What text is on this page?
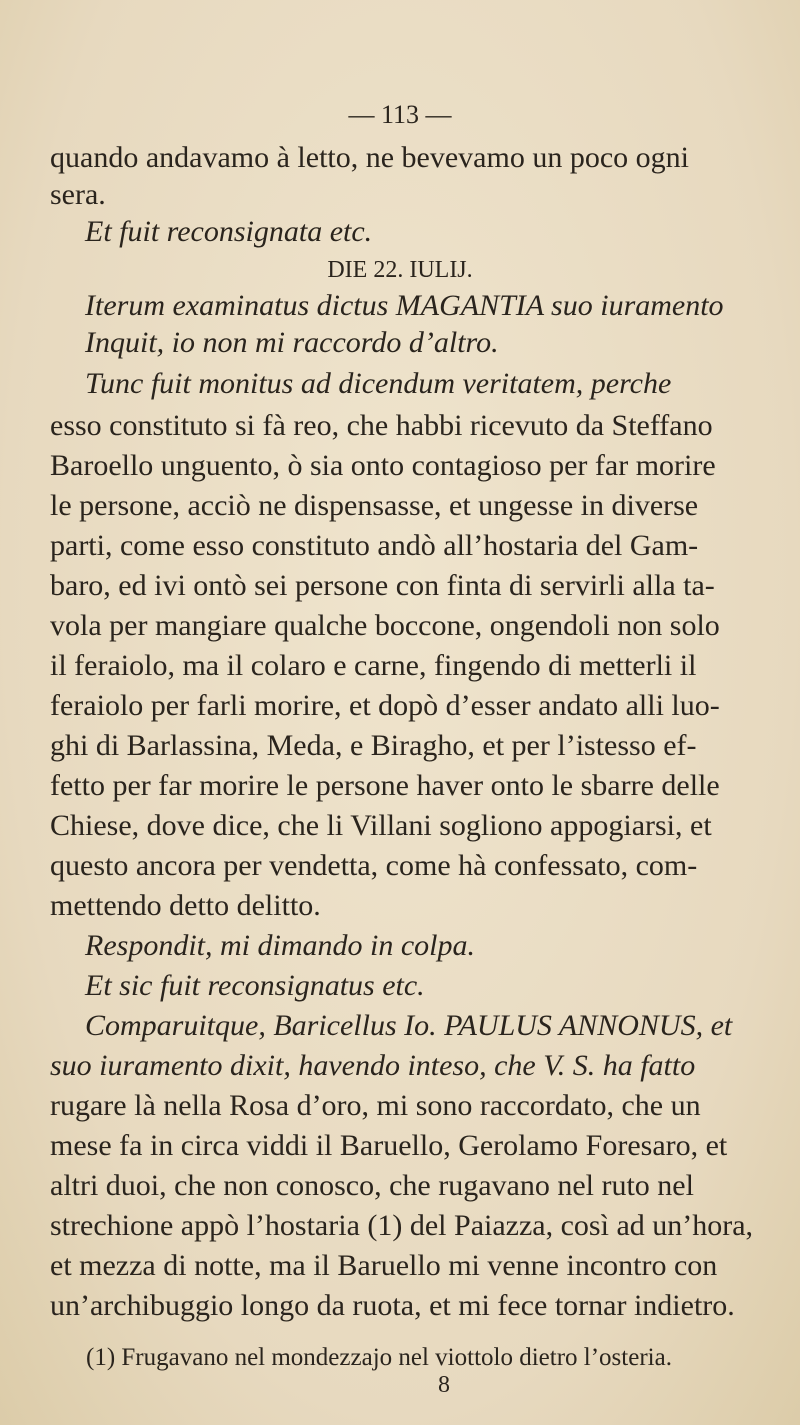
— 113 —
quando andavamo à letto, ne bevevamo un poco ogni
sera.
Et fuit reconsignata etc.
DIE 22. IULIJ.
Iterum examinatus dictus MAGANTIA suo iuramento
Inquit, io non mi raccordo d’altro.
Tunc fuit monitus ad dicendum veritatem, perche
esso constituto si fà reo, che habbi ricevuto da Steffano
Baroello unguento, ò sia onto contagioso per far morire
le persone, acciò ne dispensasse, et ungesse in diverse
parti, come esso constituto andò all’hostaria del Gam-
baro, ed ivi ontò sei persone con finta di servirli alla ta-
vola per mangiare qualche boccone, ongendoli non solo
il feraiolo, ma il colaro e carne, fingendo di metterli il
feraiolo per farli morire, et dopò d’esser andato alli luo-
ghi di Barlassina, Meda, e Biragho, et per l’istesso ef-
fetto per far morire le persone haver onto le sbarre delle
Chiese, dove dice, che li Villani sogliono appogiarsi, et
questo ancora per vendetta, come hà confessato, com-
mettendo detto delitto.
Respondit, mi dimando in colpa.
Et sic fuit reconsignatus etc.
Comparuitque, Baricellus Io. PAULUS ANNONUS, et
suo iuramento dixit, havendo inteso, che V. S. ha fatto
rugare là nella Rosa d’oro, mi sono raccordato, che un
mese fa in circa viddi il Baruello, Gerolamo Foresaro, et
altri duoi, che non conosco, che rugavano nel ruto nel
strechione appò l’hostaria (1) del Paiazza, così ad un’hora,
et mezza di notte, ma il Baruello mi venne incontro con
un’archibuggio longo da ruota, et mi fece tornar indietro.
(1) Frugavano nel mondezzajo nel viottolo dietro l’osteria.
8
